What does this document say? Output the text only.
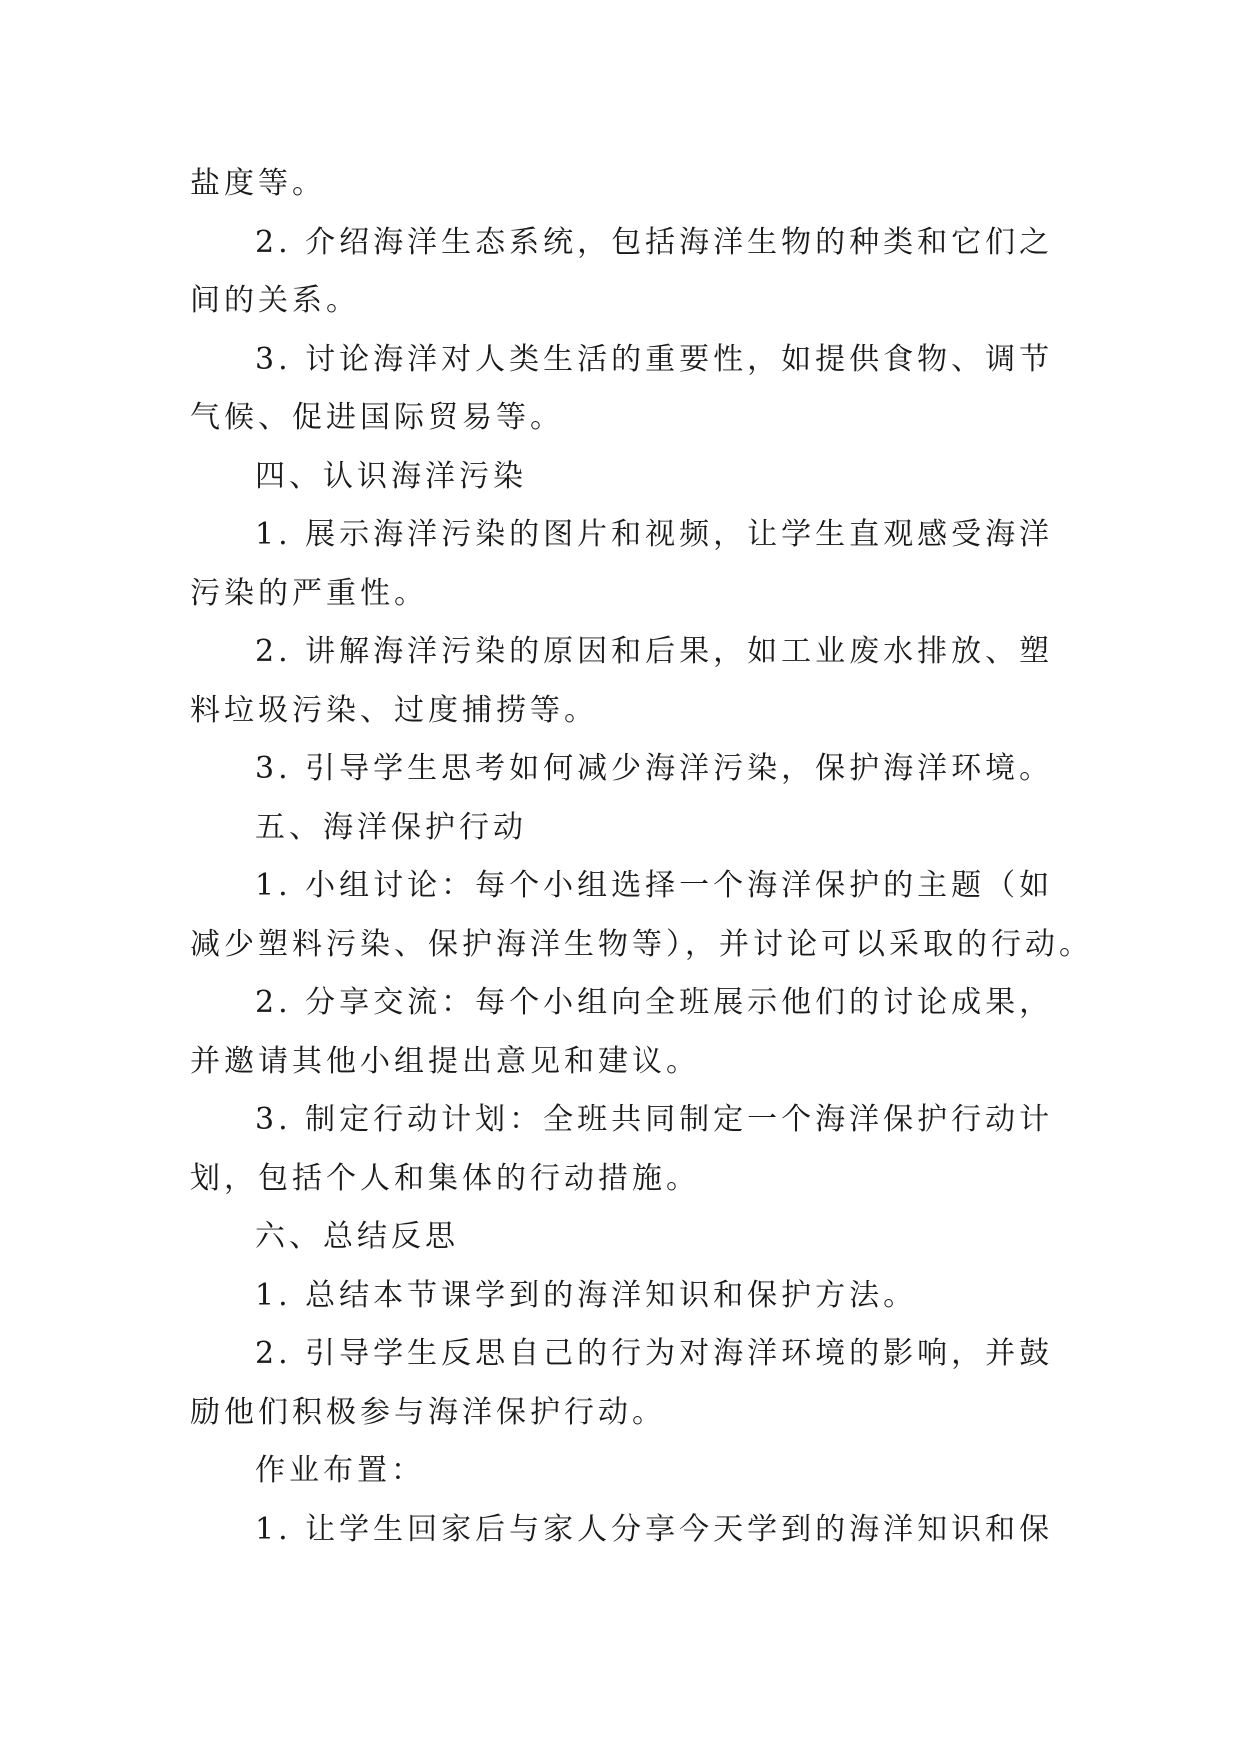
盐度等。
2. 介绍海洋生态系统，包括海洋生物的种类和它们之
间的关系。
3. 讨论海洋对人类生活的重要性，如提供食物、调节
气候、促进国际贸易等。
四、认识海洋污染
1. 展示海洋污染的图片和视频，让学生直观感受海洋
污染的严重性。
2. 讲解海洋污染的原因和后果，如工业废水排放、塑
料垃圾污染、过度捕捞等。
3. 引导学生思考如何减少海洋污染，保护海洋环境。
五、海洋保护行动
1. 小组讨论：每个小组选择一个海洋保护的主题（如
减少塑料污染、保护海洋生物等），并讨论可以采取的行动。
2. 分享交流：每个小组向全班展示他们的讨论成果，
并邀请其他小组提出意见和建议。
3. 制定行动计划：全班共同制定一个海洋保护行动计
划，包括个人和集体的行动措施。
六、总结反思
1. 总结本节课学到的海洋知识和保护方法。
2. 引导学生反思自己的行为对海洋环境的影响，并鼓
励他们积极参与海洋保护行动。
作业布置：
1. 让学生回家后与家人分享今天学到的海洋知识和保
